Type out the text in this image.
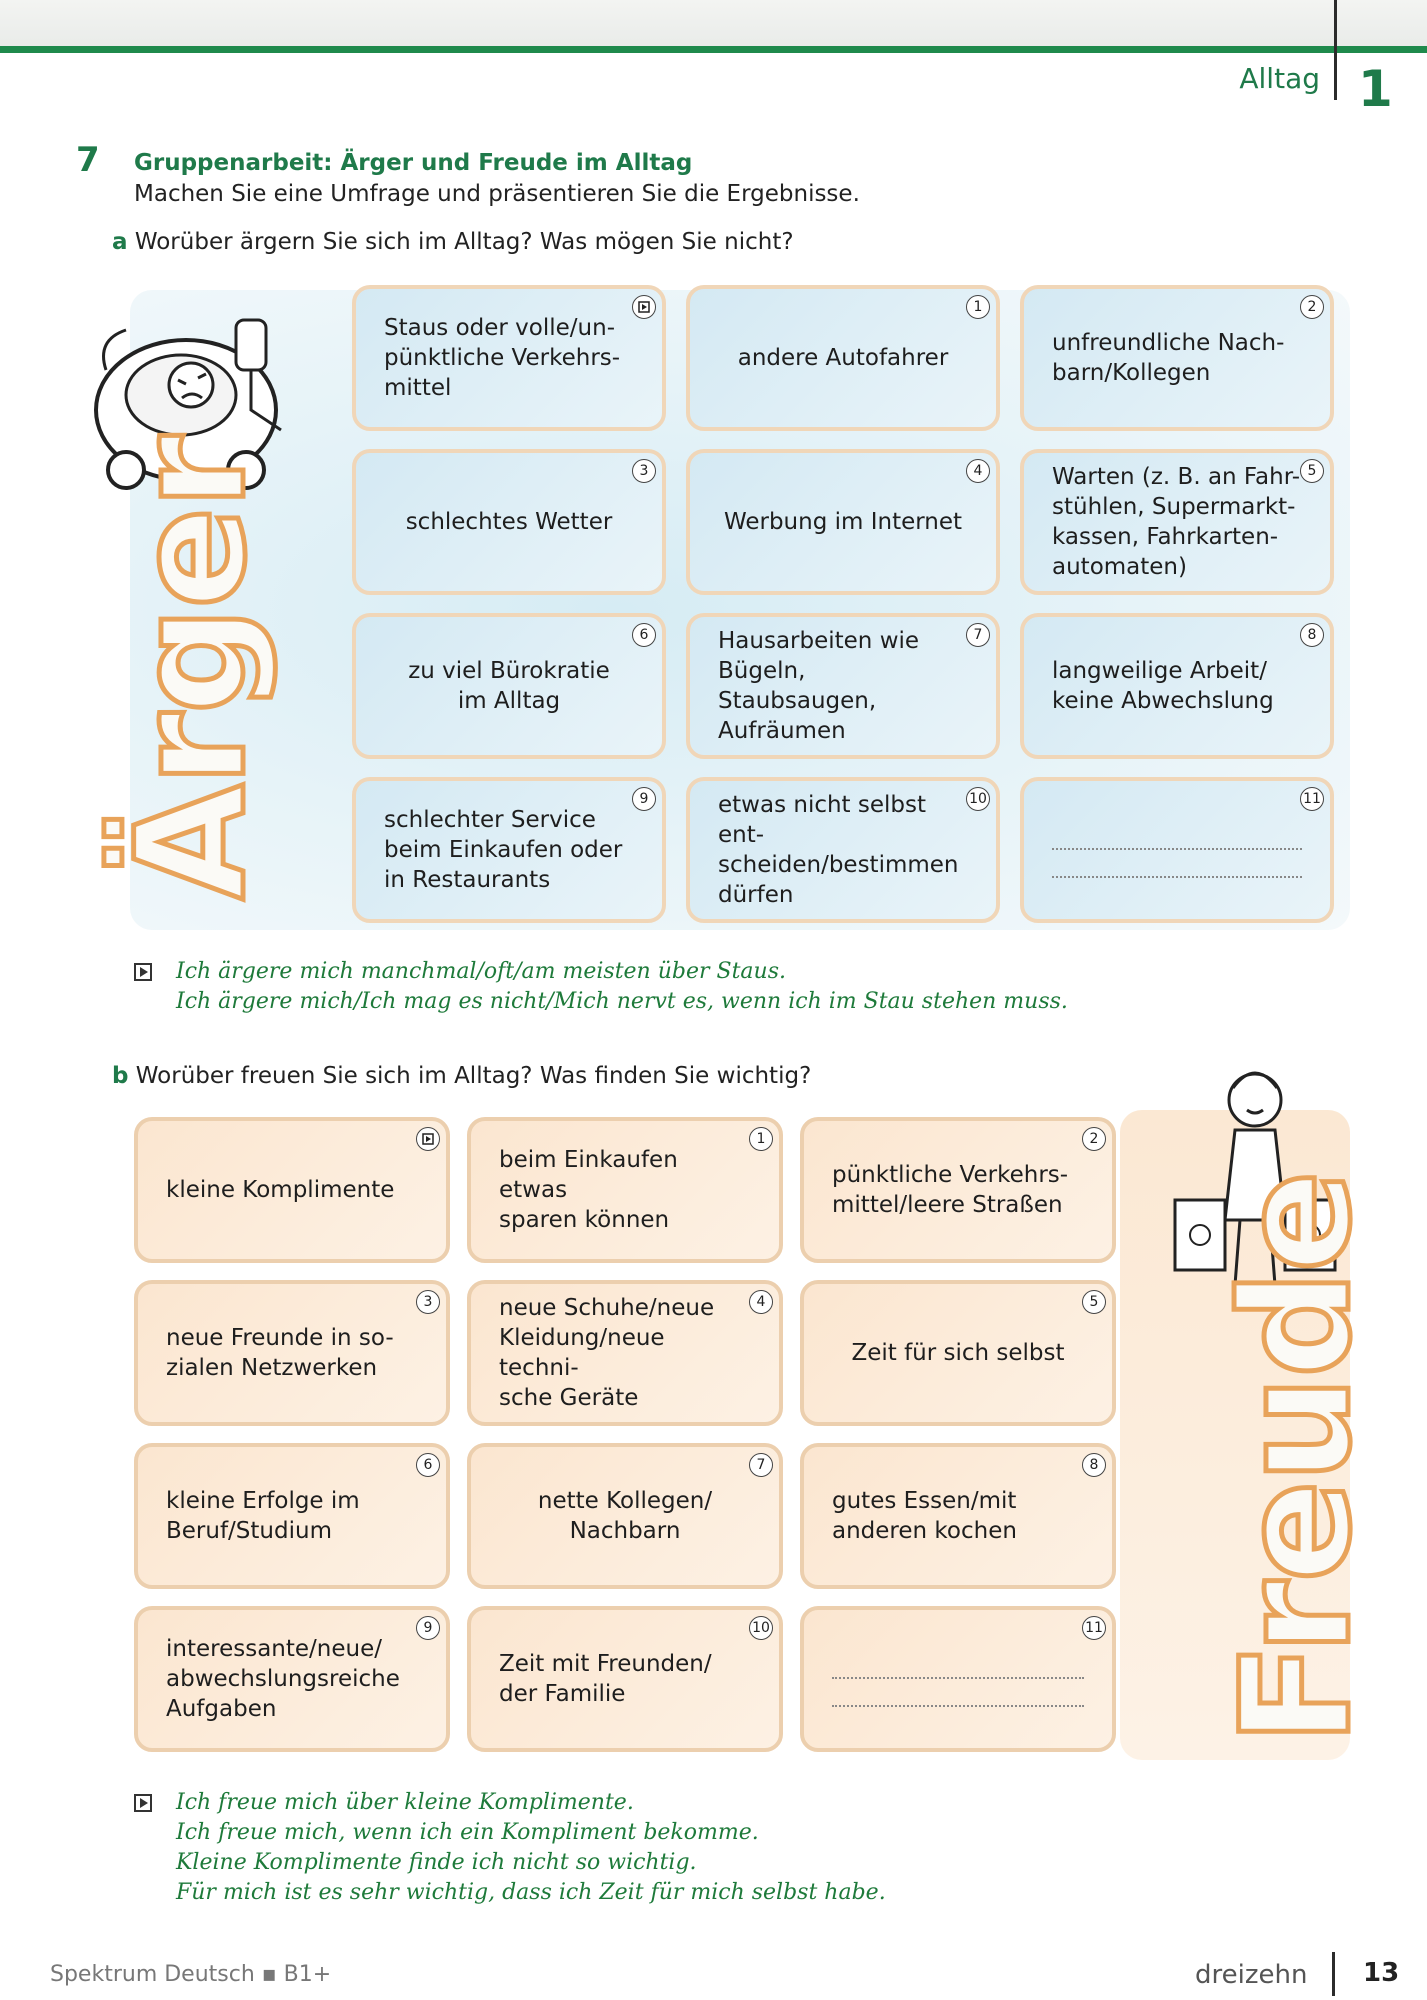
Alltag 1
7 Gruppenarbeit: Ärger und Freude im Alltag
Machen Sie eine Umfrage und präsentieren Sie die Ergebnisse.
a Worüber ärgern Sie sich im Alltag? Was mögen Sie nicht?
Ärger
Staus oder volle/un-
pünktliche Verkehrs-
mittel
1
andere Autofahrer
2
unfreundliche Nach-
barn/Kollegen
3
schlechtes Wetter
4
Werbung im Internet
5
Warten (z. B. an Fahr-
stühlen, Supermarkt-
kassen, Fahrkarten-
automaten)
6
zu viel Bürokratie
im Alltag
7
Hausarbeiten wie
Bügeln, Staubsaugen,
Aufräumen
8
langweilige Arbeit/
keine Abwechslung
9
schlechter Service
beim Einkaufen oder
in Restaurants
10
etwas nicht selbst ent-
scheiden/bestimmen
dürfen
11
Ich ärgere mich manchmal/oft/am meisten über Staus.
Ich ärgere mich/Ich mag es nicht/Mich nervt es, wenn ich im Stau stehen muss.
b Worüber freuen Sie sich im Alltag? Was finden Sie wichtig?
Freude
kleine Komplimente
1
beim Einkaufen etwas
sparen können
2
pünktliche Verkehrs-
mittel/leere Straßen
3
neue Freunde in so-
zialen Netzwerken
4
neue Schuhe/neue
Kleidung/neue techni-
sche Geräte
5
Zeit für sich selbst
6
kleine Erfolge im
Beruf/Studium
7
nette Kollegen/
Nachbarn
8
gutes Essen/mit
anderen kochen
9
interessante/neue/
abwechslungsreiche
Aufgaben
10
Zeit mit Freunden/
der Familie
11
Ich freue mich über kleine Komplimente.
Ich freue mich, wenn ich ein Kompliment bekomme.
Kleine Komplimente finde ich nicht so wichtig.
Für mich ist es sehr wichtig, dass ich Zeit für mich selbst habe.
Spektrum Deutsch ▪ B1+	dreizehn 13
